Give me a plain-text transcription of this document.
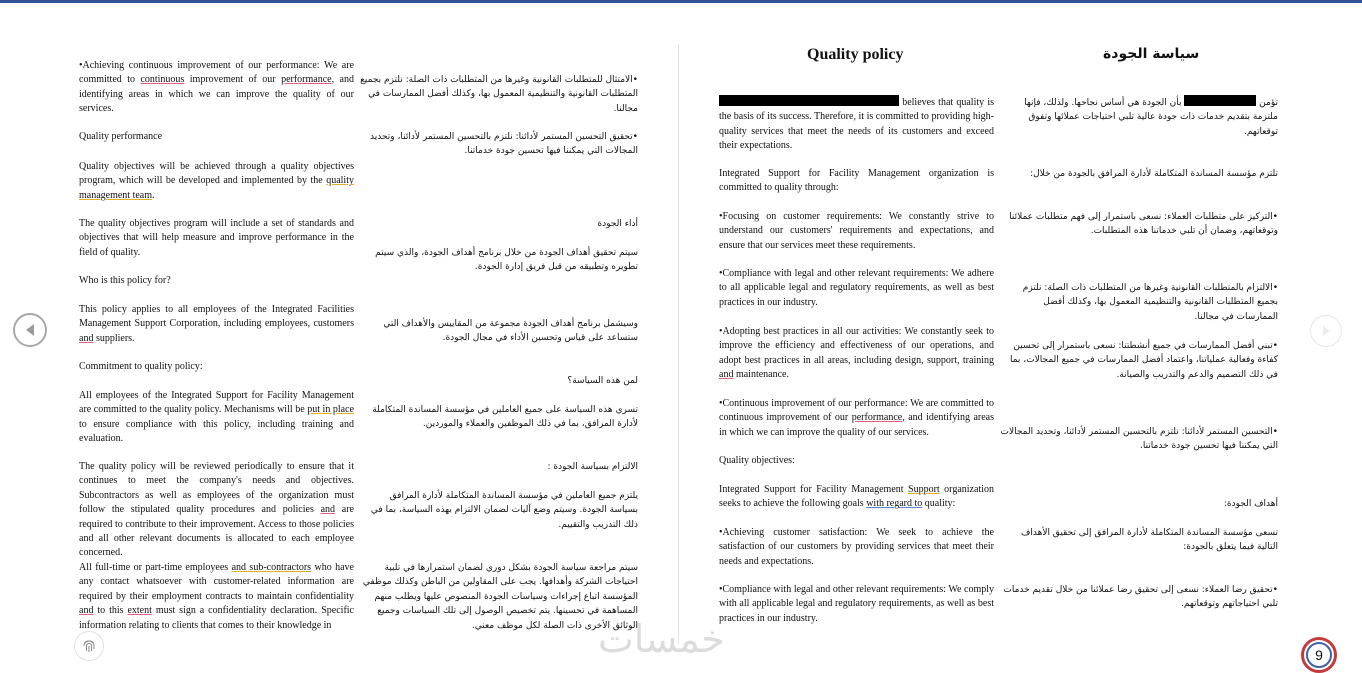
•Achieving continuous improvement of our performance: We are committed to continuous improvement of our performance, and identifying areas in which we can improve the quality of our services.
Quality performance
Quality objectives will be achieved through a quality objectives program, which will be developed and implemented by the quality management team.
The quality objectives program will include a set of standards and objectives that will help measure and improve performance in the field of quality.
Who is this policy for?
This policy applies to all employees of the Integrated Facilities Management Support Corporation, including employees, customers and suppliers.
Commitment to quality policy:
All employees of the Integrated Support for Facility Management are committed to the quality policy. Mechanisms will be put in place to ensure compliance with this policy, including training and evaluation.
The quality policy will be reviewed periodically to ensure that it continues to meet the company's needs and objectives. Subcontractors as well as employees of the organization must follow the stipulated quality procedures and policies and are required to contribute to their improvement. Access to those policies and all other relevant documents is allocated to each employee concerned.
All full-time or part-time employees and sub-contractors who have any contact whatsoever with customer-related information are required by their employment contracts to maintain confidentiality and to this extent must sign a confidentiality declaration. Specific information relating to clients that comes to their knowledge in
•الامتثال للمتطلبات القانونية وغيرها من المتطلبات ذات الصلة: نلتزم بجميع المتطلبات القانونية والتنظيمية المعمول بها، وكذلك أفضل الممارسات في مجالنا.
•تحقيق التحسين المستمر لأدائنا: نلتزم بالتحسين المستمر لأدائنا، وتحديد المجالات التي يمكننا فيها تحسين جودة خدماتنا.
أداء الجودة
سيتم تحقيق أهداف الجودة من خلال برنامج أهداف الجودة، والذي سيتم تطويره وتطبيقه من قبل فريق إدارة الجودة.
وسيشمل برنامج أهداف الجودة مجموعة من المقاييس والأهداف التي ستساعد على قياس وتحسين الأداء في مجال الجودة.
لمن هذه السياسة؟
تسري هذه السياسة على جميع العاملين في مؤسسة المساندة المتكاملة لأدارة المرافق، بما في ذلك الموظفين والعملاء والموردين.
الالتزام بسياسة الجودة :
يلتزم جميع العاملين في مؤسسة المساندة المتكاملة لأدارة المرافق بسياسة الجودة. وسيتم وضع آليات لضمان الالتزام بهذه السياسة، بما في ذلك التدريب والتقييم.
سيتم مراجعة سياسة الجودة بشكل دوري لضمان استمرارها في تلبية احتياجات الشركة وأهدافها. يجب على المقاولين من الباطن وكذلك موظفي المؤسسة اتباع إجراءات وسياسات الجودة المنصوص عليها ويطلب منهم المساهمة في تحسينها. يتم تخصيص الوصول إلى تلك السياسات وجميع الوثائق الأخرى ذات الصلة لكل موظف معني.
Quality policy	سياسة الجودة
believes that quality is the basis of its success. Therefore, it is committed to providing high-quality services that meet the needs of its customers and exceed their expectations.
Integrated Support for Facility Management organization is committed to quality through:
•Focusing on customer requirements: We constantly strive to understand our customers' requirements and expectations, and ensure that our services meet these requirements.
•Compliance with legal and other relevant requirements: We adhere to all applicable legal and regulatory requirements, as well as best practices in our industry.
•Adopting best practices in all our activities: We constantly seek to improve the efficiency and effectiveness of our operations, and adopt best practices in all areas, including design, support, training and maintenance.
•Continuous improvement of our performance: We are committed to continuous improvement of our performance, and identifying areas in which we can improve the quality of our services.
Quality objectives:
Integrated Support for Facility Management Support organization seeks to achieve the following goals with regard to quality:
•Achieving customer satisfaction: We seek to achieve the satisfaction of our customers by providing services that meet their needs and expectations.
•Compliance with legal and other relevant requirements: We comply with all applicable legal and regulatory requirements, as well as best practices in our industry.
تؤمن  بأن الجودة هي أساس نجاحها. ولذلك، فإنها ملتزمة بتقديم خدمات ذات جودة عالية تلبي احتياجات عملائها وتفوق توقعاتهم.
تلتزم مؤسسة المساندة المتكاملة لأدارة المرافق بالجودة من خلال:
•التركيز على متطلبات العملاء: نسعى باستمرار إلى فهم متطلبات عملائنا وتوقعاتهم، وضمان أن تلبي خدماتنا هذه المتطلبات.
•الالتزام بالمتطلبات القانونية وغيرها من المتطلبات ذات الصلة: نلتزم بجميع المتطلبات القانونية والتنظيمية المعمول بها، وكذلك أفضل الممارسات في مجالنا.
•تبني أفضل الممارسات في جميع أنشطتنا: نسعى باستمرار إلى تحسين كفاءة وفعالية عملياتنا، واعتماد أفضل الممارسات في جميع المجالات، بما في ذلك التصميم والدعم والتدريب والصيانة.
•التحسين المستمر لأدائنا: نلتزم بالتحسين المستمر لأدائنا، وتحديد المجالات التي يمكننا فيها تحسين جودة خدماتنا.
أهداف الجودة:
تسعى مؤسسة المساندة المتكاملة لأدارة المرافق إلى تحقيق الأهداف التالية فيما يتعلق بالجودة:
•تحقيق رضا العملاء: نسعى إلى تحقيق رضا عملائنا من خلال تقديم خدمات تلبي احتياجاتهم وتوقعاتهم.
خمسات	9
